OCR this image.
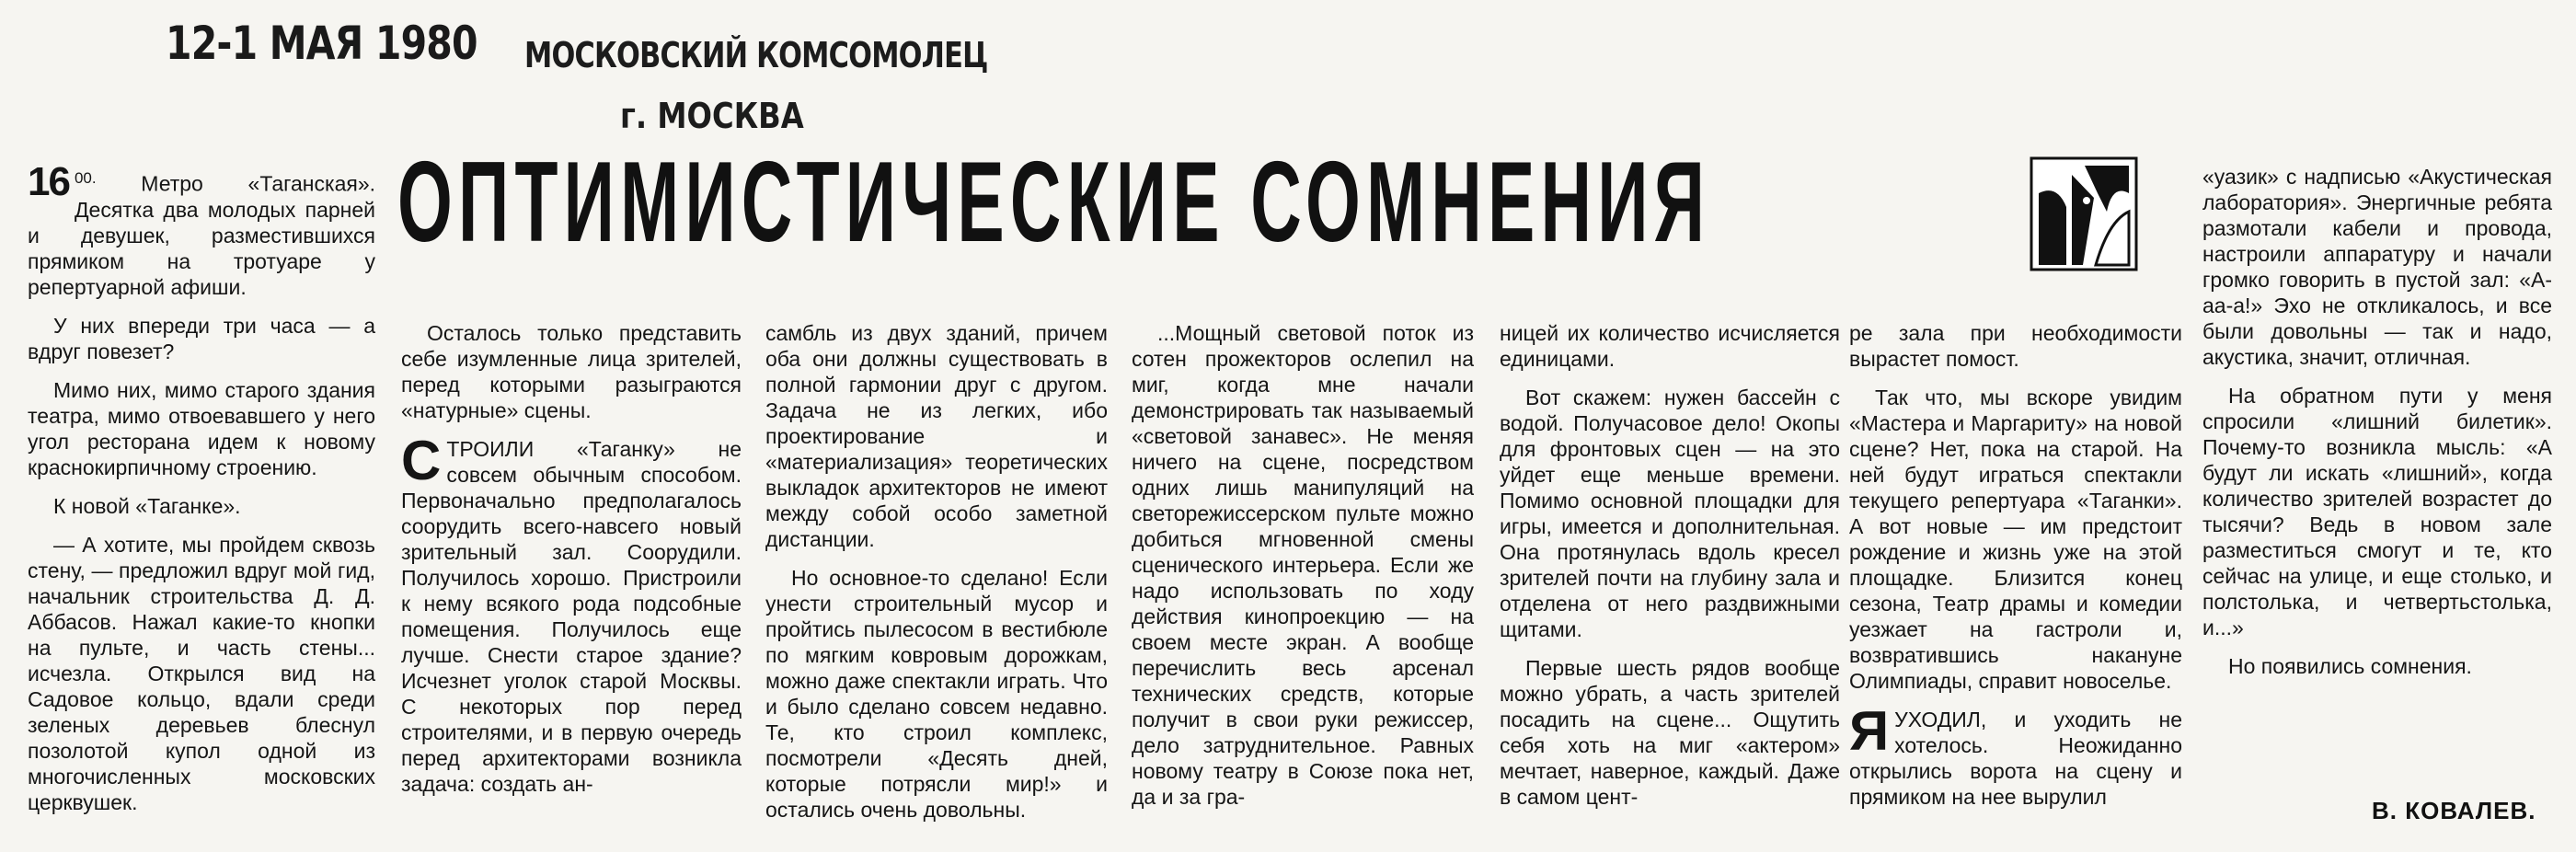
12-1 МАЯ 1980 МОСКОВСКИЙ КОМСОМОЛЕЦ
г. МОСКВА
ОПТИМИСТИЧЕСКИЕ СОМНЕНИЯ

16 $^{00.}$ Метро «Таганская». Десятка два молодых парней и девушек, разместившихся прямиком на тротуаре у репертуарной афиши.

У них впереди три часа — а вдруг повезет?

Мимо них, мимо старого здания театра, мимо отвоевавшего у него угол ресторана идем к новому краснокирпичному строению.

К новой «Таганке».

— А хотите, мы пройдем сквозь стену, — предложил вдруг мой гид, начальник строительства Д. Д. Аббасов. Нажал какие-то кнопки на пульте, и часть стены... исчезла. Открылся вид на Садовое кольцо, вдали среди зеленых деревьев блеснул позолотой купол одной из многочисленных московских церквушек.

Осталось только представить себе изумленные лица зрителей, перед которыми разыграются «натурные» сцены.

СТРОИЛИ «Таганку» не совсем обычным способом. Первоначально предполагалось соорудить всего-навсего новый зрительный зал. Соорудили. Получилось хорошо. Пристроили к нему всякого рода подсобные помещения. Получилось еще лучше. Снести старое здание? Исчезнет уголок старой Москвы. С некоторых пор перед строителями, и в первую очередь перед архитекторами возникла задача: создать ан-

самбль из двух зданий, причем оба они должны существовать в полной гармонии друг с другом. Задача не из легких, ибо проектирование и «материализация» теоретических выкладок архитекторов не имеют между собой особо заметной дистанции.

Но основное-то сделано! Если унести строительный мусор и пройтись пылесосом в вестибюле по мягким ковровым дорожкам, можно даже спектакли играть. Что и было сделано совсем недавно. Те, кто строил комплекс, посмотрели «Десять дней, которые потрясли мир!» и остались очень довольны.

...Мощный световой поток из сотен прожекторов ослепил на миг, когда мне начали демонстрировать так называемый «световой занавес». Не меняя ничего на сцене, посредством одних лишь манипуляций на светорежиссерском пульте можно добиться мгновенной смены сценического интерьера. Если же надо использовать по ходу действия кинопроекцию — на своем месте экран. А вообще перечислить весь арсенал технических средств, которые получит в свои руки режиссер, дело затруднительное. Равных новому театру в Союзе пока нет, да и за гра-

ницей их количество исчисляется единицами.

Вот скажем: нужен бассейн с водой. Получасовое дело! Окопы для фронтовых сцен — на это уйдет еще меньше времени. Помимо основной площадки для игры, имеется и дополнительная. Она протянулась вдоль кресел зрителей почти на глубину зала и отделена от него раздвижными щитами.

Первые шесть рядов вообще можно убрать, а часть зрителей посадить на сцене... Ощутить себя хоть на миг «актером» мечтает, наверное, каждый. Даже в самом цент-

ре зала при необходимости вырастет помост.

Так что, мы вскоре увидим «Мастера и Маргариту» на новой сцене? Нет, пока на старой. На ней будут играться спектакли текущего репертуара «Таганки». А вот новые — им предстоит рождение и жизнь уже на этой площадке. Близится конец сезона, Театр драмы и комедии уезжает на гастроли и, возвратившись накануне Олимпиады, справит новоселье.

ЯУХОДИЛ, и уходить не хотелось. Неожиданно открылись ворота на сцену и прямиком на нее вырулил

«уазик» с надписью «Акустическая лаборатория». Энергичные ребята размотали кабели и провода, настроили аппаратуру и начали громко говорить в пустой зал: «А-аа-а!» Эхо не откликалось, и все были довольны — так и надо, акустика, значит, отличная.

На обратном пути у меня спросили «лишний билетик». Почему-то возникла мысль: «А будут ли искать «лишний», когда количество зрителей возрастет до тысячи? Ведь в новом зале разместиться смогут и те, кто сейчас на улице, и еще столько, и полстолька, и четвертьстолька, и...»

Но появились сомнения.

В. КОВАЛЕВ.
